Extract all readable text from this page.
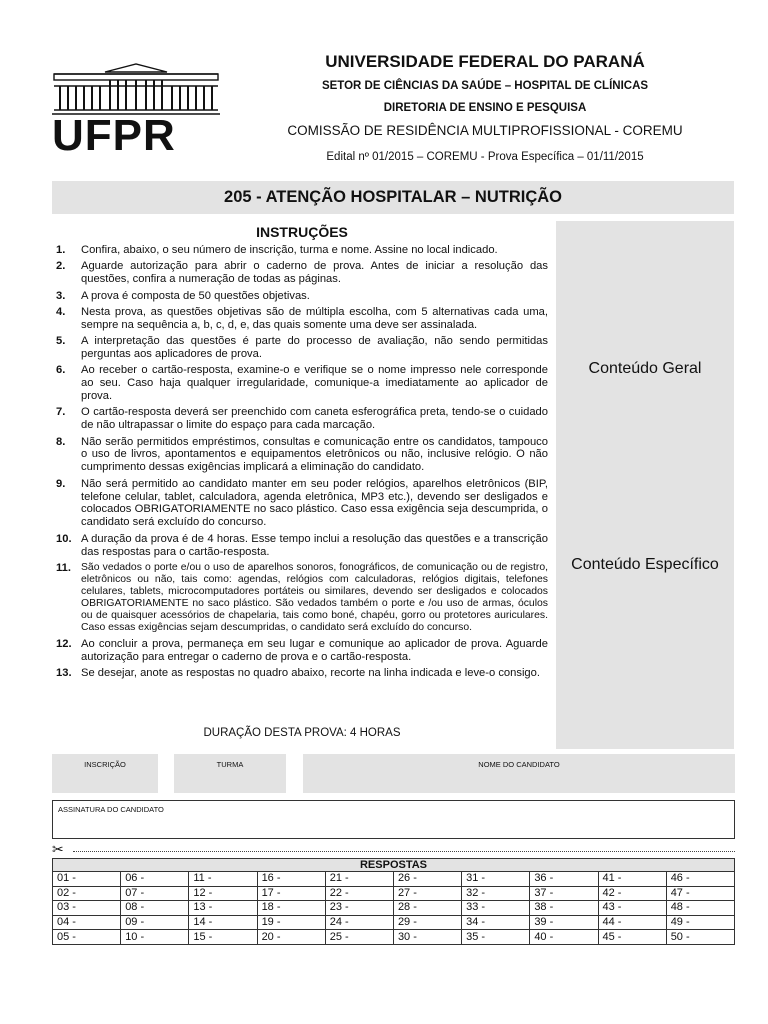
UFPR
UNIVERSIDADE FEDERAL DO PARANÁ
SETOR DE CIÊNCIAS DA SAÚDE – HOSPITAL DE CLÍNICAS
DIRETORIA DE ENSINO E PESQUISA
COMISSÃO DE RESIDÊNCIA MULTIPROFISSIONAL - COREMU
Edital nº 01/2015 – COREMU - Prova Específica – 01/11/2015
205 - ATENÇÃO HOSPITALAR – NUTRIÇÃO
INSTRUÇÕES
1.	Confira, abaixo, o seu número de inscrição, turma e nome. Assine no local indicado.
2.	Aguarde autorização para abrir o caderno de prova. Antes de iniciar a resolução das questões, confira a numeração de todas as páginas.
3.	A prova é composta de 50 questões objetivas.
4.	Nesta prova, as questões objetivas são de múltipla escolha, com 5 alternativas cada uma, sempre na sequência a, b, c, d, e, das quais somente uma deve ser assinalada.
5.	A interpretação das questões é parte do processo de avaliação, não sendo permitidas perguntas aos aplicadores de prova.
6.	Ao receber o cartão-resposta, examine-o e verifique se o nome impresso nele corresponde ao seu. Caso haja qualquer irregularidade, comunique-a imediatamente ao aplicador de prova.
7.	O cartão-resposta deverá ser preenchido com caneta esferográfica preta, tendo-se o cuidado de não ultrapassar o limite do espaço para cada marcação.
8.	Não serão permitidos empréstimos, consultas e comunicação entre os candidatos, tampouco o uso de livros, apontamentos e equipamentos eletrônicos ou não, inclusive relógio. O não cumprimento dessas exigências implicará a eliminação do candidato.
9.	Não será permitido ao candidato manter em seu poder relógios, aparelhos eletrônicos (BIP, telefone celular, tablet, calculadora, agenda eletrônica, MP3 etc.), devendo ser desligados e colocados OBRIGATORIAMENTE no saco plástico. Caso essa exigência seja descumprida, o candidato será excluído do concurso.
10. A duração da prova é de 4 horas. Esse tempo inclui a resolução das questões e a transcrição das respostas para o cartão-resposta.
11. São vedados o porte e/ou o uso de aparelhos sonoros, fonográficos, de comunicação ou de registro, eletrônicos ou não, tais como: agendas, relógios com calculadoras, relógios digitais, telefones celulares, tablets, microcomputadores portáteis ou similares, devendo ser desligados e colocados OBRIGATORIAMENTE no saco plástico. São vedados também o porte e /ou uso de armas, óculos ou de quaisquer acessórios de chapelaria, tais como boné, chapéu, gorro ou protetores auriculares. Caso essas exigências sejam descumpridas, o candidato será excluído do concurso.
12. Ao concluir a prova, permaneça em seu lugar e comunique ao aplicador de prova. Aguarde autorização para entregar o caderno de prova e o cartão-resposta.
13. Se desejar, anote as respostas no quadro abaixo, recorte na linha indicada e leve-o consigo.
DURAÇÃO DESTA PROVA: 4 HORAS
Conteúdo Geral
Conteúdo Específico
INSCRIÇÃO	TURMA	NOME DO CANDIDATO
ASSINATURA DO CANDIDATO
✂
RESPOSTAS									
01 -	06 -	11 -	16 -	21 -	26 -	31 -	36 -	41 -	46 -
02 -	07 -	12 -	17 -	22 -	27 -	32 -	37 -	42 -	47 -
03 -	08 -	13 -	18 -	23 -	28 -	33 -	38 -	43 -	48 -
04 -	09 -	14 -	19 -	24 -	29 -	34 -	39 -	44 -	49 -
05 -	10 -	15 -	20 -	25 -	30 -	35 -	40 -	45 -	50 -
